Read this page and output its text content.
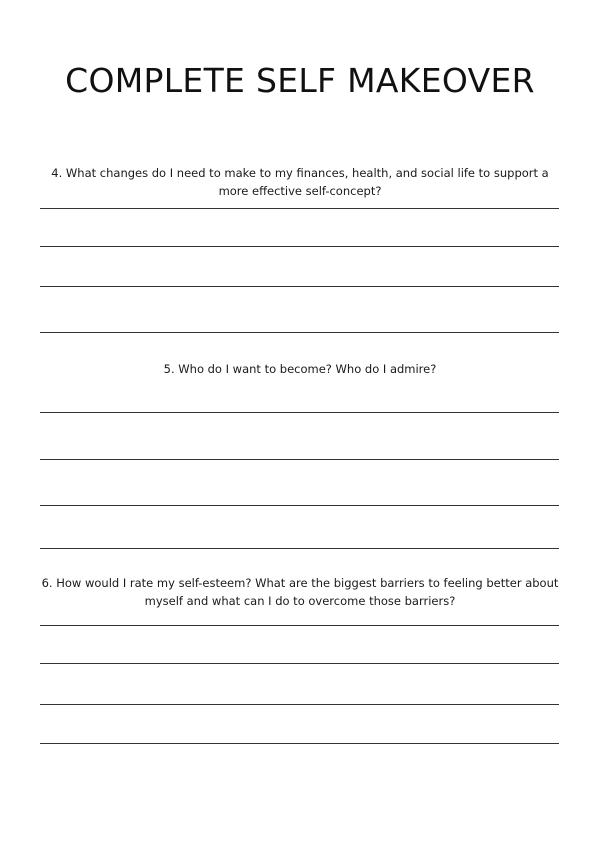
COMPLETE SELF MAKEOVER

4. What changes do I need to make to my finances, health, and social life to support a more effective self-concept?

5. Who do I want to become? Who do I admire?

6. How would I rate my self-esteem? What are the biggest barriers to feeling better about myself and what can I do to overcome those barriers?
